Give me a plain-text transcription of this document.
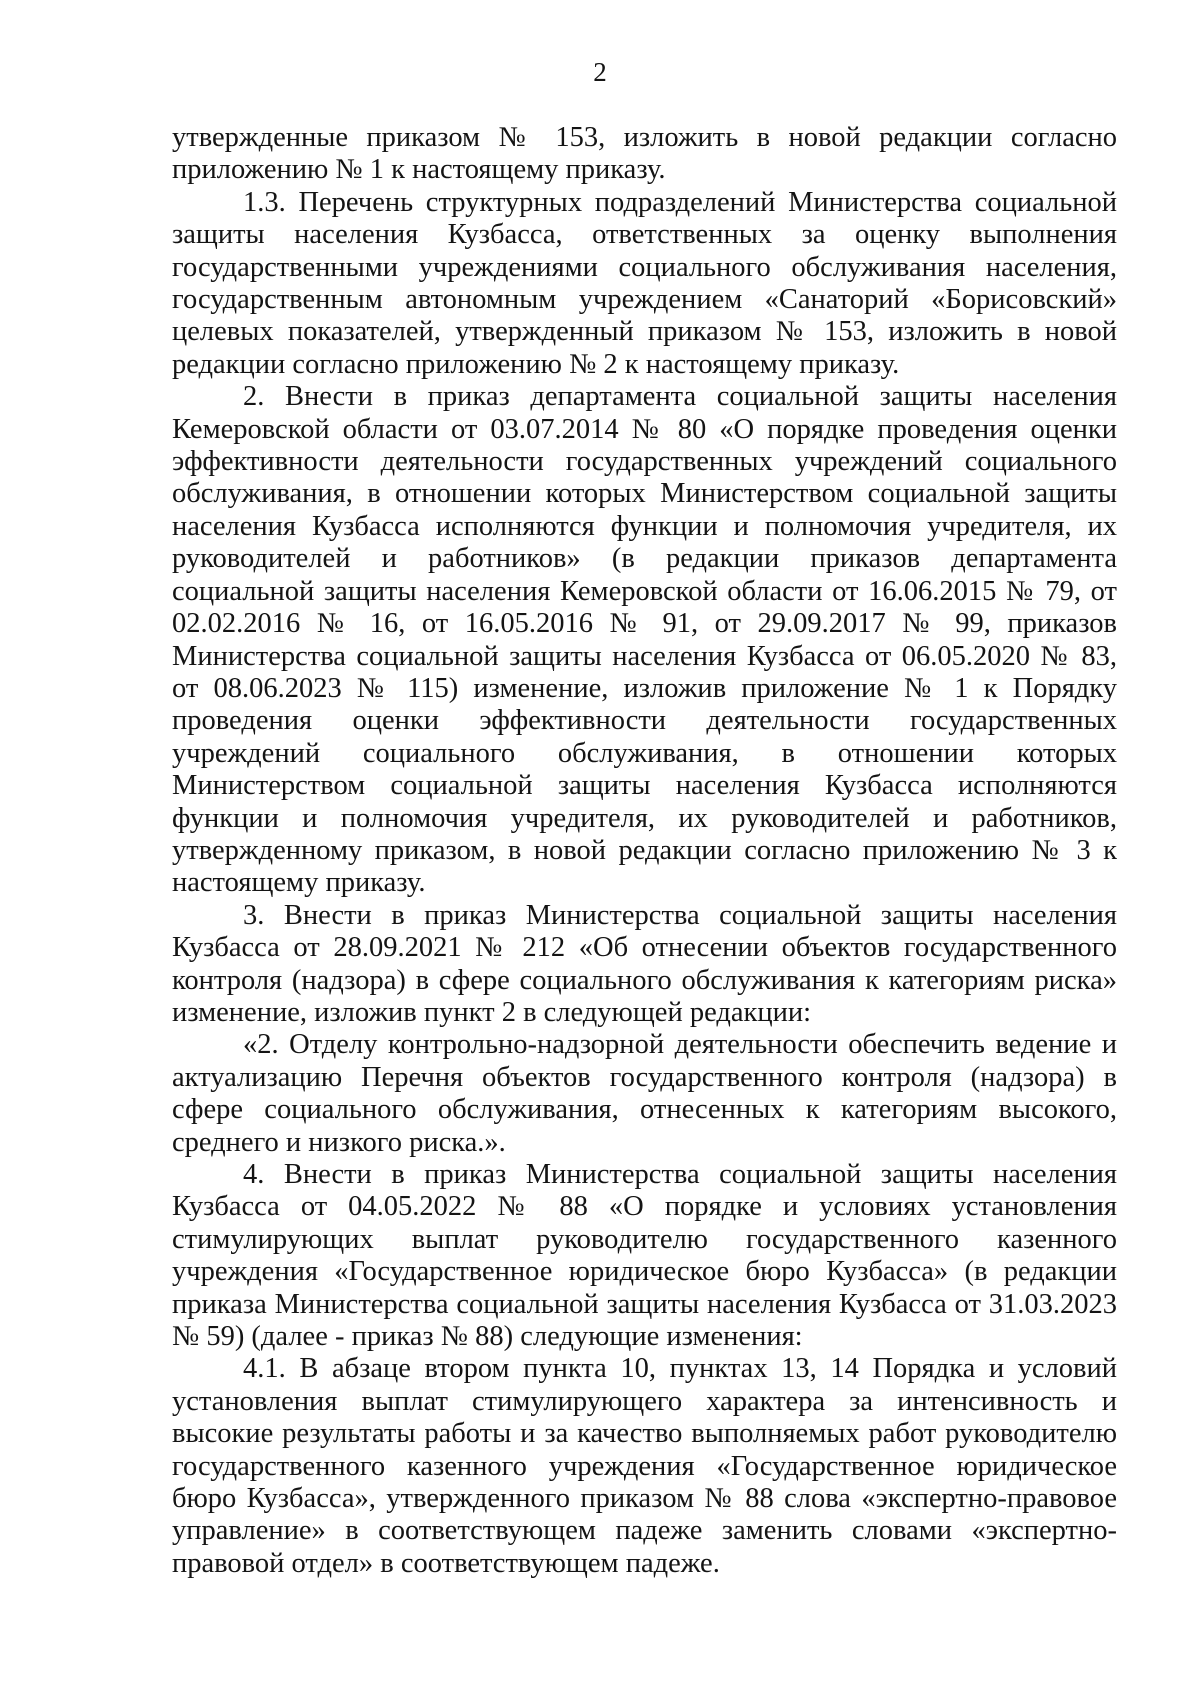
2

утвержденные приказом № 153, изложить в новой редакции согласно приложению № 1 к настоящему приказу.

1.3. Перечень структурных подразделений Министерства социальной защиты населения Кузбасса, ответственных за оценку выполнения государственными учреждениями социального обслуживания населения, государственным автономным учреждением «Санаторий «Борисовский» целевых показателей, утвержденный приказом № 153, изложить в новой редакции согласно приложению № 2 к настоящему приказу.

2. Внести в приказ департамента социальной защиты населения Кемеровской области от 03.07.2014 № 80 «О порядке проведения оценки эффективности деятельности государственных учреждений социального обслуживания, в отношении которых Министерством социальной защиты населения Кузбасса исполняются функции и полномочия учредителя, их руководителей и работников» (в редакции приказов департамента социальной защиты населения Кемеровской области от 16.06.2015 № 79, от 02.02.2016 № 16, от 16.05.2016 № 91, от 29.09.2017 № 99, приказов Министерства социальной защиты населения Кузбасса от 06.05.2020 № 83, от 08.06.2023 № 115) изменение, изложив приложение № 1 к Порядку проведения оценки эффективности деятельности государственных учреждений социального обслуживания, в отношении которых Министерством социальной защиты населения Кузбасса исполняются функции и полномочия учредителя, их руководителей и работников, утвержденному приказом, в новой редакции согласно приложению № 3 к настоящему приказу.

3. Внести в приказ Министерства социальной защиты населения Кузбасса от 28.09.2021 № 212 «Об отнесении объектов государственного контроля (надзора) в сфере социального обслуживания к категориям риска» изменение, изложив пункт 2 в следующей редакции:

«2. Отделу контрольно-надзорной деятельности обеспечить ведение и актуализацию Перечня объектов государственного контроля (надзора) в сфере социального обслуживания, отнесенных к категориям высокого, среднего и низкого риска.».

4. Внести в приказ Министерства социальной защиты населения Кузбасса от 04.05.2022 № 88 «О порядке и условиях установления стимулирующих выплат руководителю государственного казенного учреждения «Государственное юридическое бюро Кузбасса» (в редакции приказа Министерства социальной защиты населения Кузбасса от 31.03.2023 № 59) (далее - приказ № 88) следующие изменения:

4.1. В абзаце втором пункта 10, пунктах 13, 14 Порядка и условий установления выплат стимулирующего характера за интенсивность и высокие результаты работы и за качество выполняемых работ руководителю государственного казенного учреждения «Государственное юридическое бюро Кузбасса», утвержденного приказом № 88 слова «экспертно-правовое управление» в соответствующем падеже заменить словами «экспертно-правовой отдел» в соответствующем падеже.
